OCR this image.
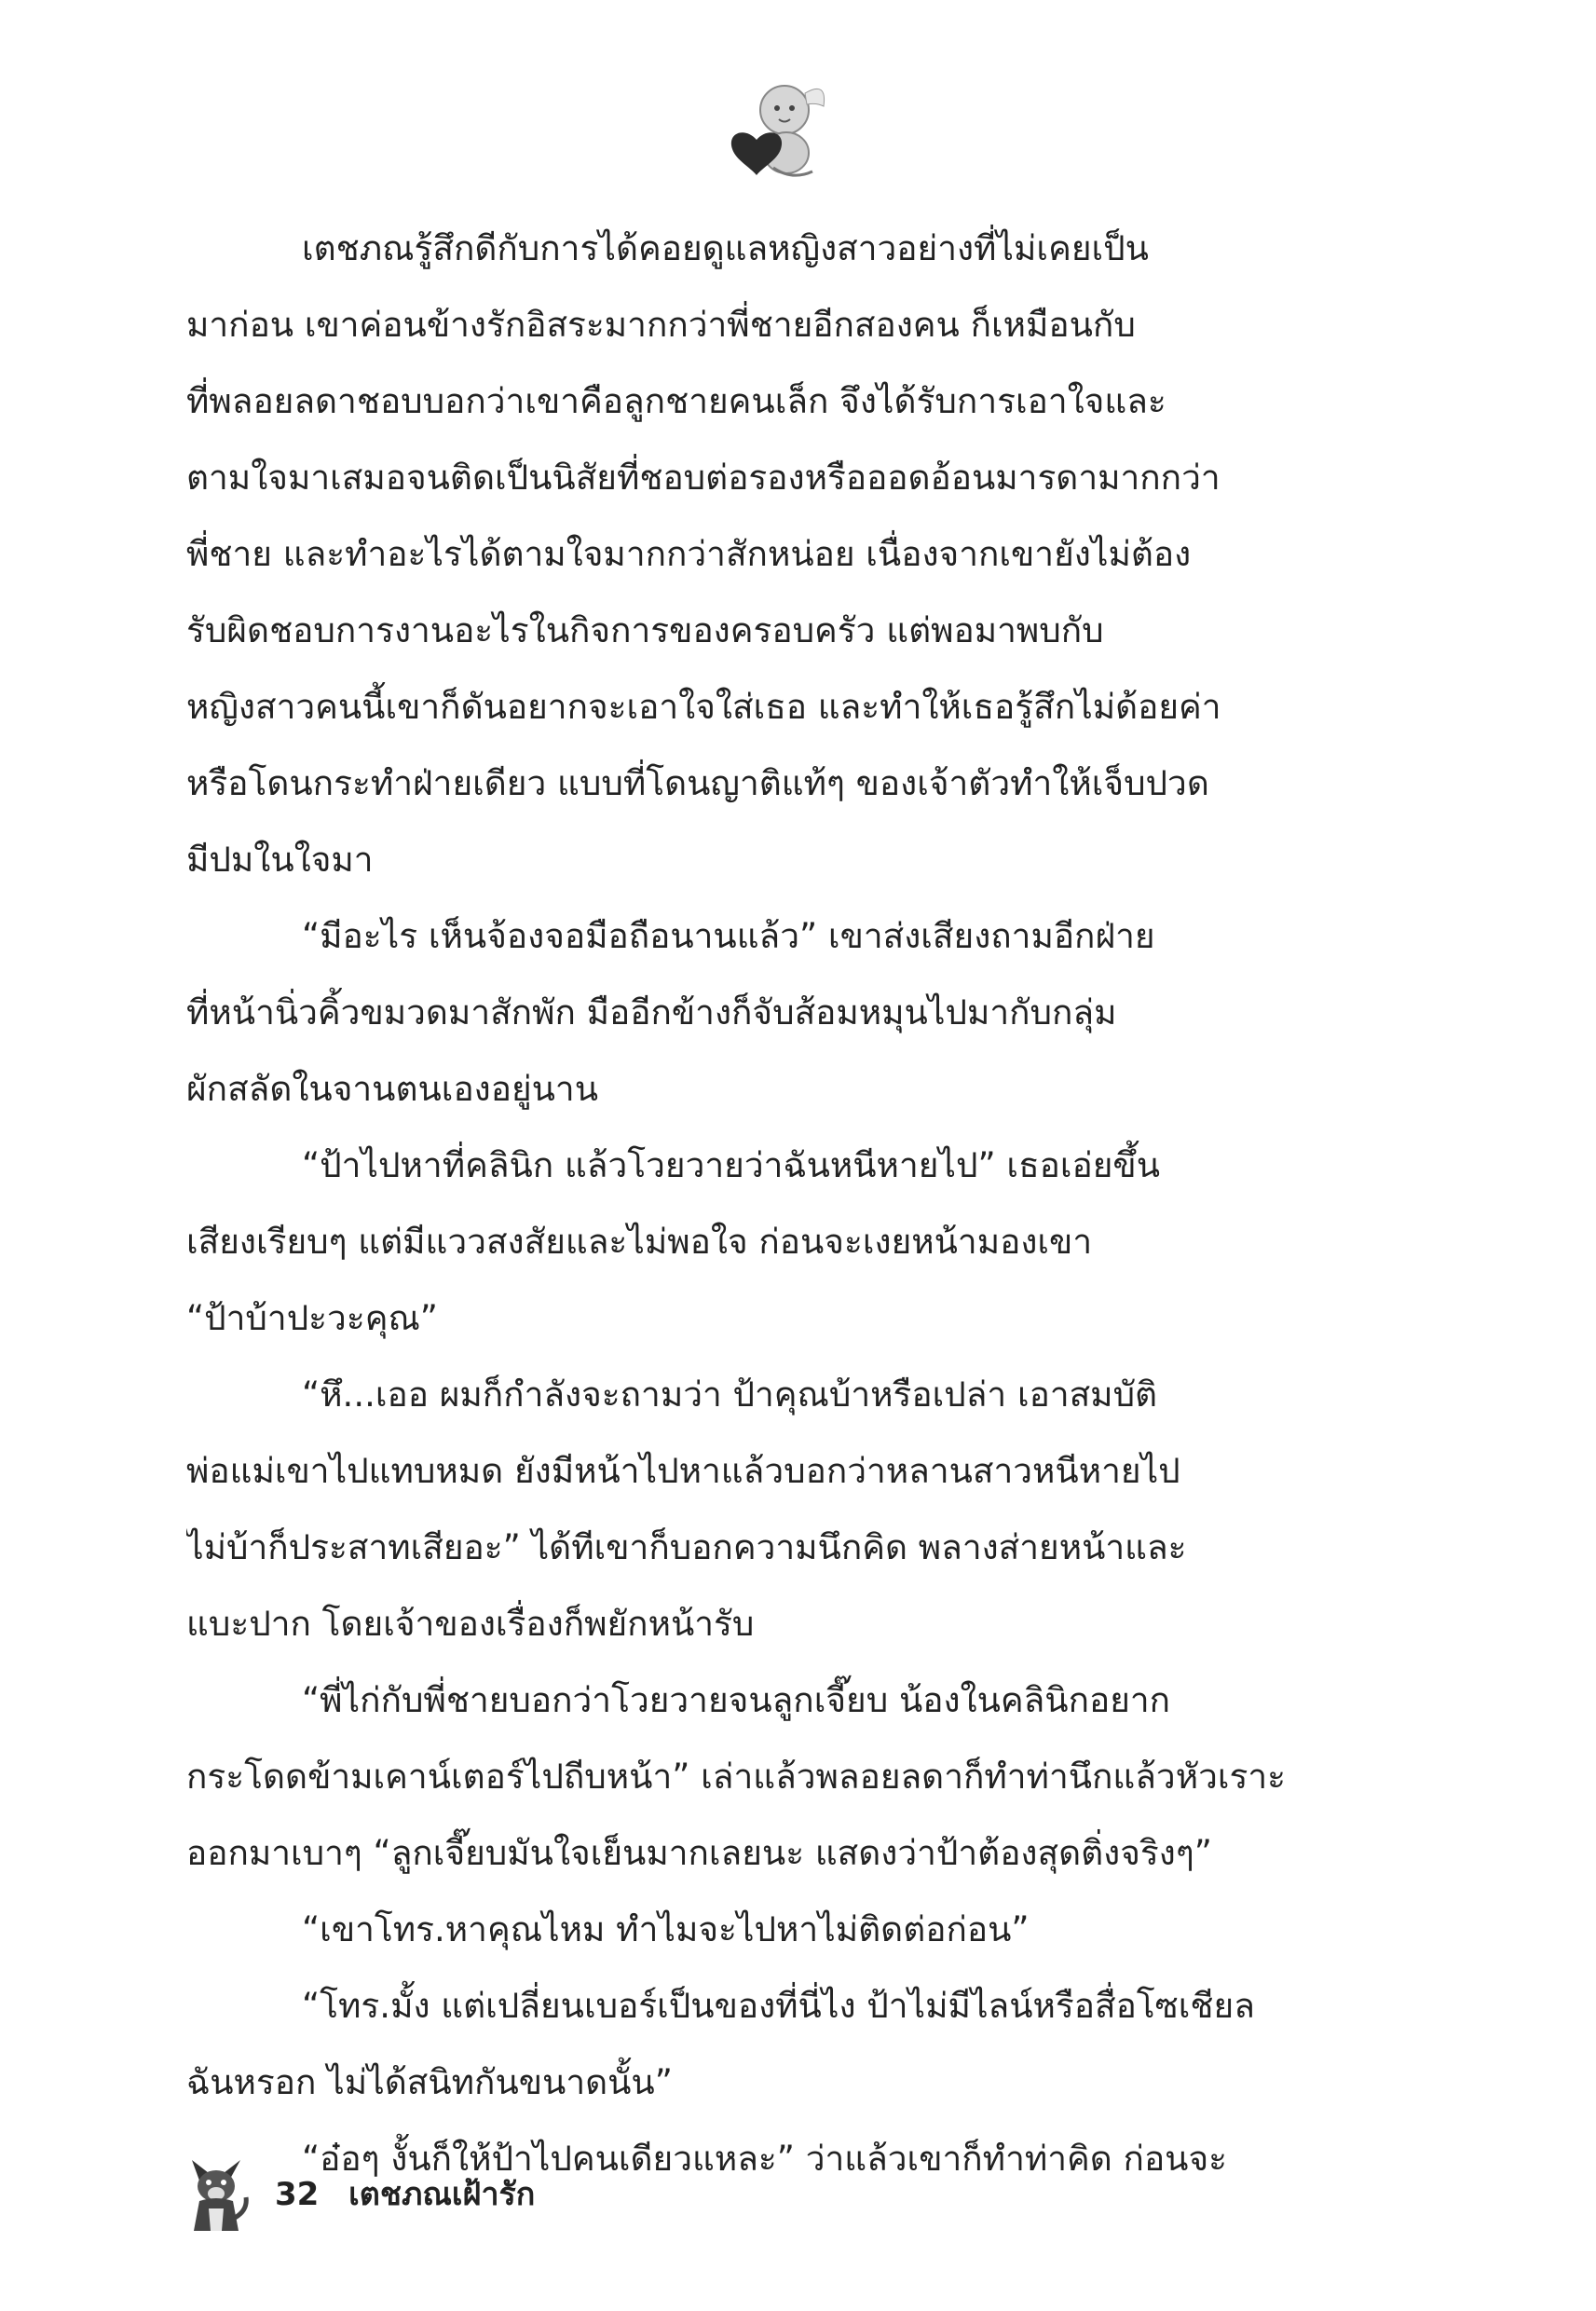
เตชภณรู้สึกดีกับการได้คอยดูแลหญิงสาวอย่างที่ไม่เคยเป็น
มาก่อน เขาค่อนข้างรักอิสระมากกว่าพี่ชายอีกสองคน ก็เหมือนกับ
ที่พลอยลดาชอบบอกว่าเขาคือลูกชายคนเล็ก จึงได้รับการเอาใจและ
ตามใจมาเสมอจนติดเป็นนิสัยที่ชอบต่อรองหรือออดอ้อนมารดามากกว่า
พี่ชาย และทำอะไรได้ตามใจมากกว่าสักหน่อย เนื่องจากเขายังไม่ต้อง
รับผิดชอบการงานอะไรในกิจการของครอบครัว แต่พอมาพบกับ
หญิงสาวคนนี้เขาก็ดันอยากจะเอาใจใส่เธอ และทำให้เธอรู้สึกไม่ด้อยค่า
หรือโดนกระทำฝ่ายเดียว แบบที่โดนญาติแท้ๆ ของเจ้าตัวทำให้เจ็บปวด
มีปมในใจมา
“มีอะไร เห็นจ้องจอมือถือนานแล้ว” เขาส่งเสียงถามอีกฝ่าย
ที่หน้านิ่วคิ้วขมวดมาสักพัก มืออีกข้างก็จับส้อมหมุนไปมากับกลุ่ม
ผักสลัดในจานตนเองอยู่นาน
“ป้าไปหาที่คลินิก แล้วโวยวายว่าฉันหนีหายไป” เธอเอ่ยขึ้น
เสียงเรียบๆ แต่มีแววสงสัยและไม่พอใจ ก่อนจะเงยหน้ามองเขา
“ป้าบ้าปะวะคุณ”
“หึ...เออ ผมก็กำลังจะถามว่า ป้าคุณบ้าหรือเปล่า เอาสมบัติ
พ่อแม่เขาไปแทบหมด ยังมีหน้าไปหาแล้วบอกว่าหลานสาวหนีหายไป
ไม่บ้าก็ประสาทเสียอะ” ได้ทีเขาก็บอกความนึกคิด พลางส่ายหน้าและ
แบะปาก โดยเจ้าของเรื่องก็พยักหน้ารับ
“พี่ไก่กับพี่ชายบอกว่าโวยวายจนลูกเจี๊ยบ น้องในคลินิกอยาก
กระโดดข้ามเคาน์เตอร์ไปถีบหน้า” เล่าแล้วพลอยลดาก็ทำท่านึกแล้วหัวเราะ
ออกมาเบาๆ “ลูกเจี๊ยบมันใจเย็นมากเลยนะ แสดงว่าป้าต้องสุดติ่งจริงๆ”
“เขาโทร.หาคุณไหม ทำไมจะไปหาไม่ติดต่อก่อน”
“โทร.มั้ง แต่เปลี่ยนเบอร์เป็นของที่นี่ไง ป้าไม่มีไลน์หรือสื่อโซเชียล
ฉันหรอก ไม่ได้สนิทกันขนาดนั้น”
“อ๋อๆ งั้นก็ให้ป้าไปคนเดียวแหละ” ว่าแล้วเขาก็ทำท่าคิด ก่อนจะ
32 เตชภณเฝ้ารัก
